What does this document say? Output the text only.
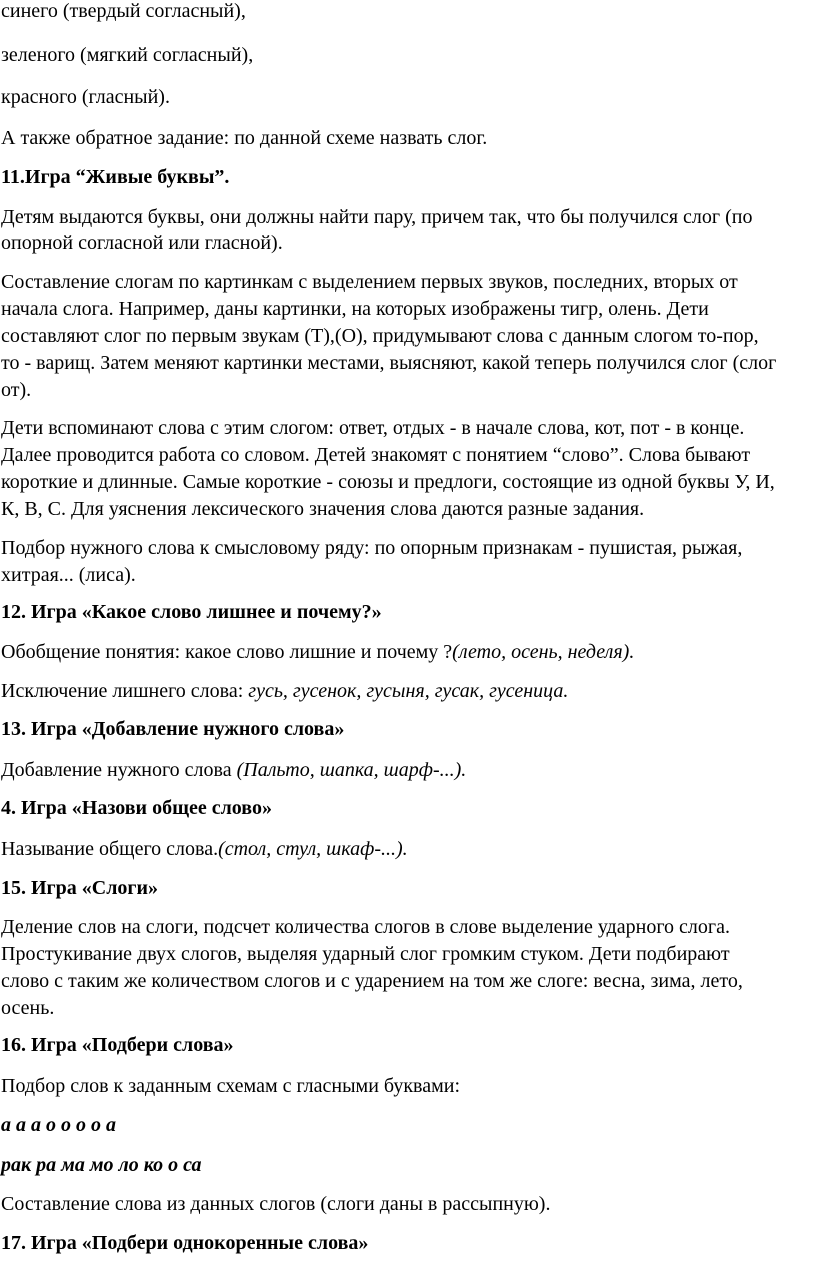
синего (твердый согласный),
зеленого (мягкий согласный),
красного (гласный).
А также обратное задание: по данной схеме назвать слог.
11.Игра “Живые буквы”.
Детям выдаются буквы, они должны найти пару, причем так, что бы получился слог (по
опорной согласной или гласной).
Составление слогам по картинкам с выделением первых звуков, последних, вторых от
начала слога. Например, даны картинки, на которых изображены тигр, олень. Дети
составляют слог по первым звукам (Т),(О), придумывают слова с данным слогом то-пор,
то - варищ. Затем меняют картинки местами, выясняют, какой теперь получился слог (слог
от).
Дети вспоминают слова с этим слогом: ответ, отдых - в начале слова, кот, пот - в конце.
Далее проводится работа со словом. Детей знакомят с понятием “слово”. Слова бывают
короткие и длинные. Самые короткие - союзы и предлоги, состоящие из одной буквы У, И,
К, В, С. Для уяснения лексического значения слова даются разные задания.
Подбор нужного слова к смысловому ряду: по опорным признакам - пушистая, рыжая,
хитрая... (лиса).
12. Игра «Какое слово лишнее и почему?»
Обобщение понятия: какое слово лишние и почему ?(лето, осень, неделя).
Исключение лишнего слова: гусь, гусенок, гусыня, гусак, гусеница.
13. Игра «Добавление нужного слова»
Добавление нужного слова (Пальто, шапка, шарф-...).
4. Игра «Назови общее слово»
Называние общего слова.(стол, стул, шкаф-...).
15. Игра «Слоги»
Деление слов на слоги, подсчет количества слогов в слове выделение ударного слога.
Простукивание двух слогов, выделяя ударный слог громким стуком. Дети подбирают
слово с таким же количеством слогов и с ударением на том же слоге: весна, зима, лето,
осень.
16. Игра «Подбери слова»
Подбор слов к заданным схемам с гласными буквами:
а а а о о о о а
рак ра ма мо ло ко о са
Составление слова из данных слогов (слоги даны в рассыпную).
17. Игра «Подбери однокоренные слова»
